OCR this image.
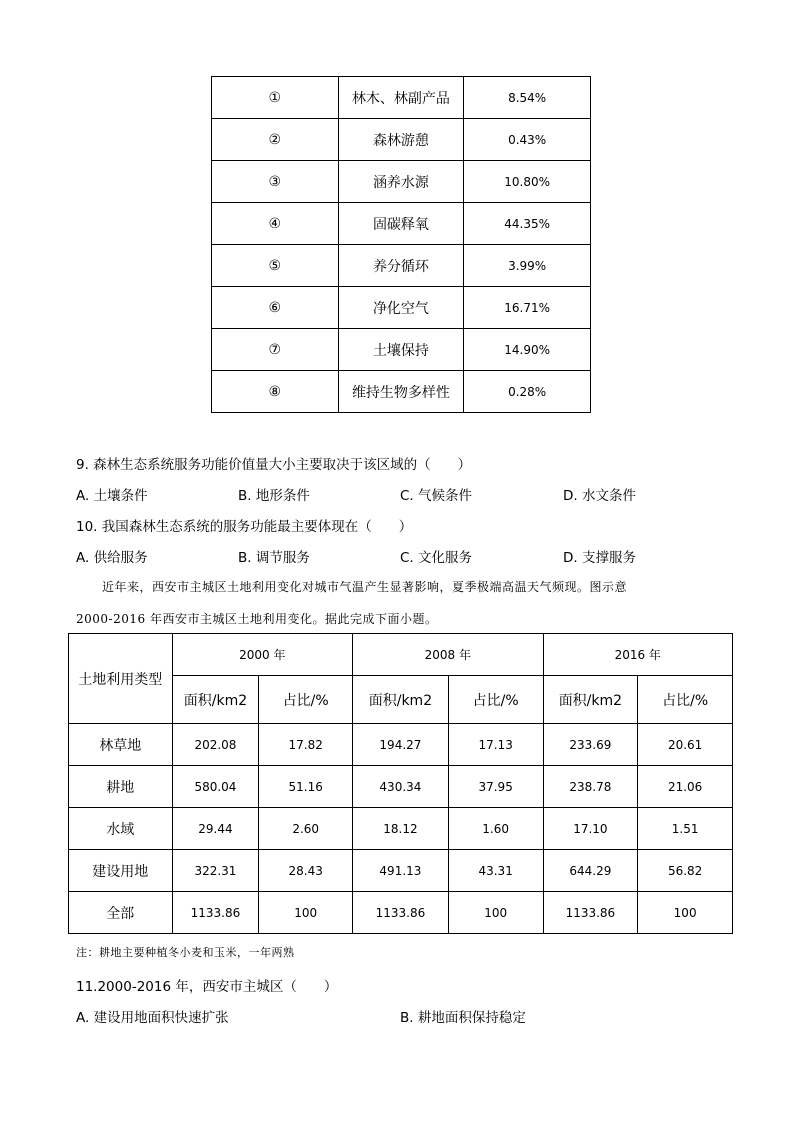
①	林木、林副产品	8.54%
②	森林游憩	0.43%
③	涵养水源	10.80%
④	固碳释氧	44.35%
⑤	养分循环	3.99%
⑥	净化空气	16.71%
⑦	土壤保持	14.90%
⑧	维持生物多样性	0.28%
9. 森林生态系统服务功能价值量大小主要取决于该区域的（　　）
A. 土壤条件	B. 地形条件	C. 气候条件	D. 水文条件
10. 我国森林生态系统的服务功能最主要体现在（　　）
A. 供给服务	B. 调节服务	C. 文化服务	D. 支撑服务
近年来，西安市主城区土地利用变化对城市气温产生显著影响，夏季极端高温天气频现。图示意
2000-2016 年西安市主城区土地利用变化。据此完成下面小题。
土地利用类型	2000 年		2008 年		2016 年	
	面积/km2	占比/%	面积/km2	占比/%	面积/km2	占比/%
林草地	202.08	17.82	194.27	17.13	233.69	20.61
耕地	580.04	51.16	430.34	37.95	238.78	21.06
水域	29.44	2.60	18.12	1.60	17.10	1.51
建设用地	322.31	28.43	491.13	43.31	644.29	56.82
全部	1133.86	100	1133.86	100	1133.86	100
注：耕地主要种植冬小麦和玉米，一年两熟
11.2000-2016 年，西安市主城区（　　）
A. 建设用地面积快速扩张	B. 耕地面积保持稳定
